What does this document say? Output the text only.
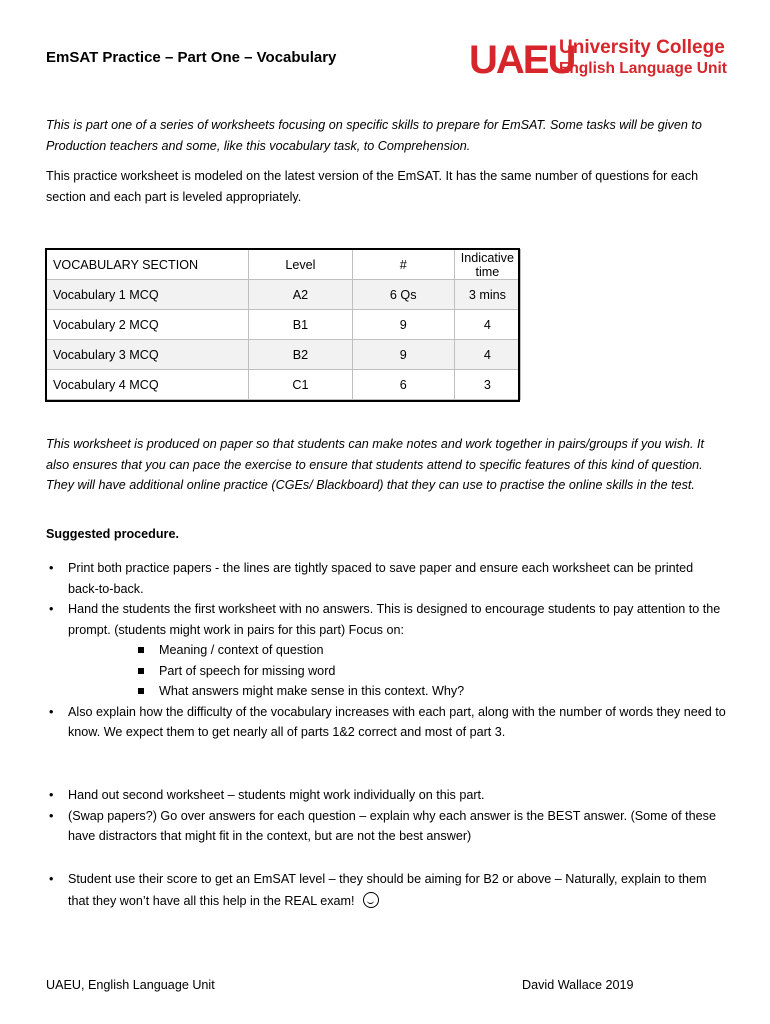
EmSAT Practice – Part One – Vocabulary	UAEU
University College
English Language Unit
This is part one of a series of worksheets focusing on specific skills to prepare for EmSAT. Some tasks will be given to Production teachers and some, like this vocabulary task, to Comprehension.
This practice worksheet is modeled on the latest version of the EmSAT. It has the same number of questions for each section and each part is leveled appropriately.
VOCABULARY SECTION	Level	#	Indicative time
Vocabulary 1 MCQ	A2	6 Qs	3 mins
Vocabulary 2 MCQ	B1	9	4
Vocabulary 3 MCQ	B2	9	4
Vocabulary 4 MCQ	C1	6	3
This worksheet is produced on paper so that students can make notes and work together in pairs/groups if you wish. It also ensures that you can pace the exercise to ensure that students attend to specific features of this kind of question. They will have additional online practice (CGEs/ Blackboard) that they can use to practise the online skills in the test.
Suggested procedure.
• Print both practice papers - the lines are tightly spaced to save paper and ensure each worksheet can be printed back-to-back.
• Hand the students the first worksheet with no answers. This is designed to encourage students to pay attention to the prompt. (students might work in pairs for this part) Focus on:
Meaning / context of question
Part of speech for missing word
What answers might make sense in this context. Why?
• Also explain how the difficulty of the vocabulary increases with each part, along with the number of words they need to know. We expect them to get nearly all of parts 1&2 correct and most of part 3.
• Hand out second worksheet – students might work individually on this part.
• (Swap papers?) Go over answers for each question – explain why each answer is the BEST answer. (Some of these have distractors that might fit in the context, but are not the best answer)
• Student use their score to get an EmSAT level – they should be aiming for B2 or above – Naturally, explain to them that they won’t have all this help in the REAL exam!
UAEU, English Language Unit	David Wallace 2019
